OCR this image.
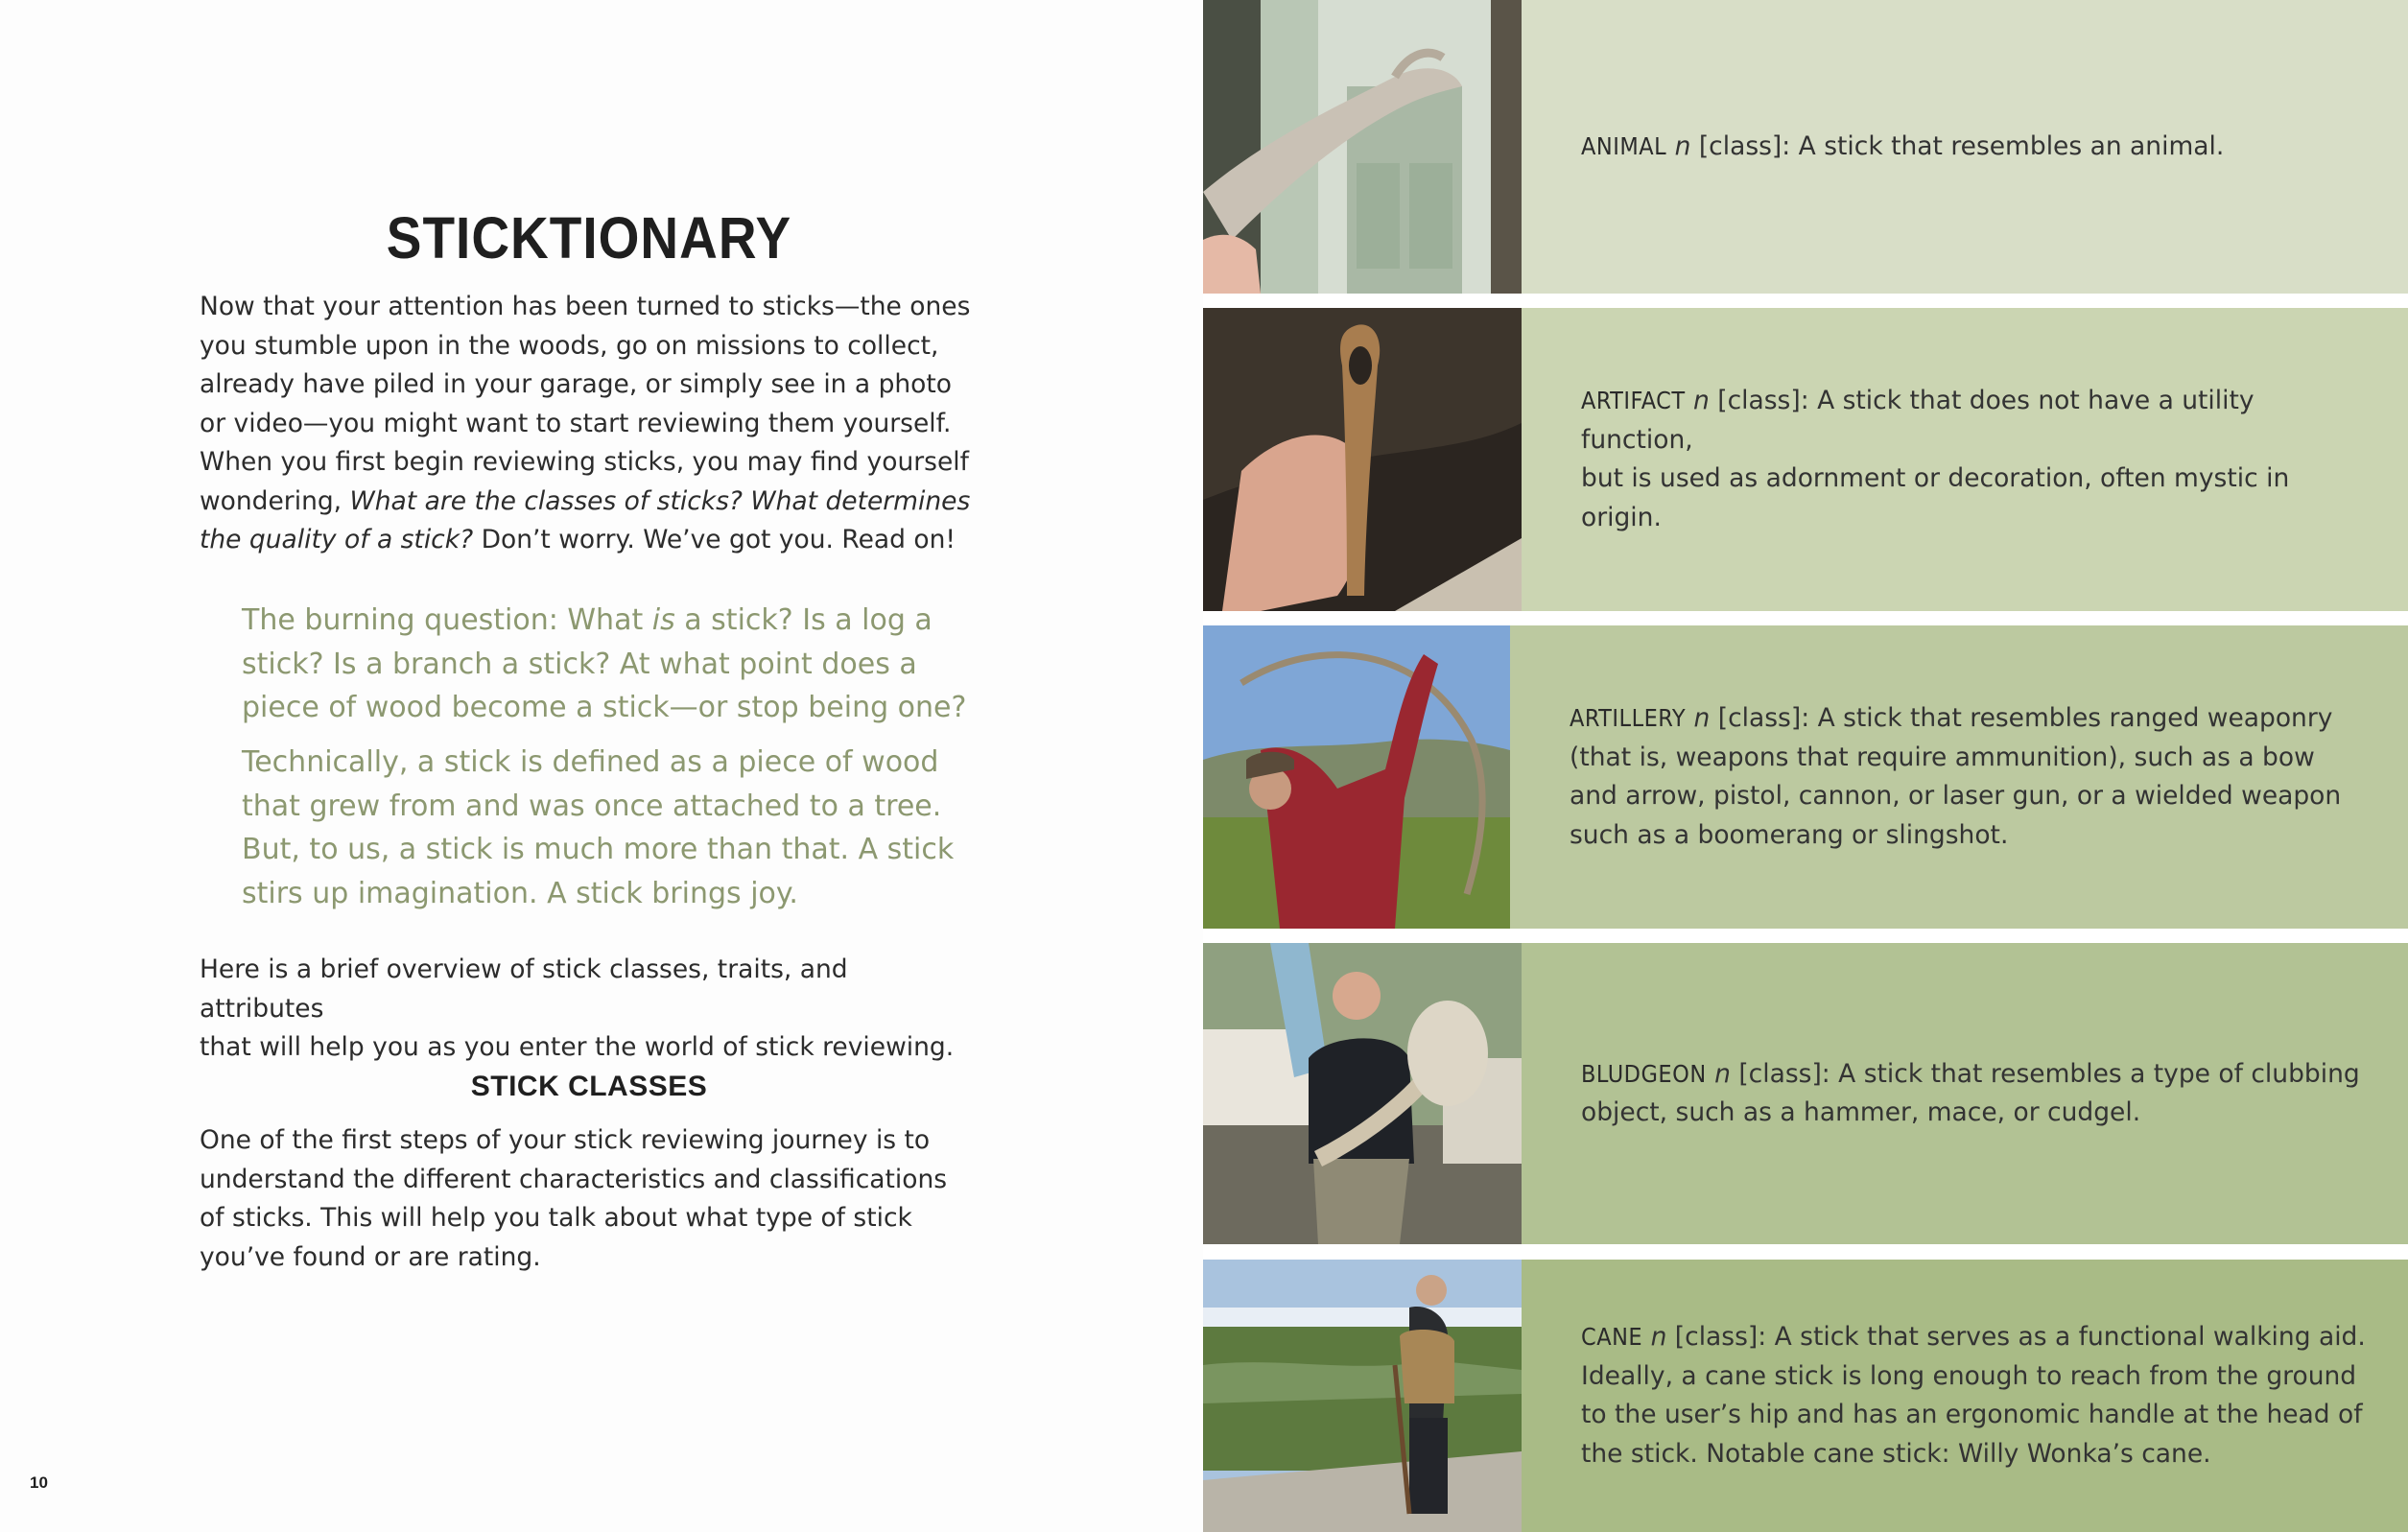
STICKTIONARY

Now that your attention has been turned to sticks—the ones

you stumble upon in the woods, go on missions to collect,

already have piled in your garage, or simply see in a photo

or video—you might want to start reviewing them yourself.

When you first begin reviewing sticks, you may find yourself

wondering, What are the classes of sticks? What determines

the quality of a stick? Don’t worry. We’ve got you. Read on!

The burning question: What is a stick? Is a log a

stick? Is a branch a stick? At what point does a

piece of wood become a stick—or stop being one?

Technically, a stick is defined as a piece of wood

that grew from and was once attached to a tree.

But, to us, a stick is much more than that. A stick

stirs up imagination. A stick brings joy.

Here is a brief overview of stick classes, traits, and attributes

that will help you as you enter the world of stick reviewing.

STICK CLASSES

One of the first steps of your stick reviewing journey is to

understand the different characteristics and classifications

of sticks. This will help you talk about what type of stick

you’ve found or are rating.

10

ANIMAL n [class]: A stick that resembles an animal.

ARTIFACT n [class]: A stick that does not have a utility function,
but is used as adornment or decoration, often mystic in origin.

ARTILLERY n [class]: A stick that resembles ranged weaponry
(that is, weapons that require ammunition), such as a bow
and arrow, pistol, cannon, or laser gun, or a wielded weapon
such as a boomerang or slingshot.

BLUDGEON n [class]: A stick that resembles a type of clubbing
object, such as a hammer, mace, or cudgel.

CANE n [class]: A stick that serves as a functional walking aid.
Ideally, a cane stick is long enough to reach from the ground
to the user’s hip and has an ergonomic handle at the head of
the stick. Notable cane stick: Willy Wonka’s cane.
